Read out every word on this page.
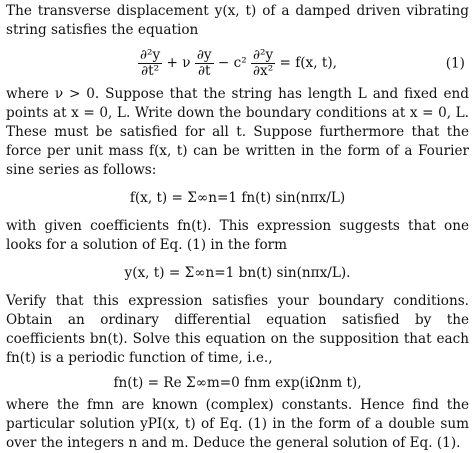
The transverse displacement y(x, t) of a damped driven vibrating string satisfies the equation

$\frac{\text{∂²y}}{\text{∂t²}} + \nu \frac{\partial y}{\partial t} - c^2 \frac{\text{∂²y}}{\text{∂x²}} = f(x$, t),	(1)

where ν > 0. Suppose that the string has length L and fixed end points at x = 0, L. Write down the boundary conditions at x = 0, L. These must be satisfied for all t. Suppose furthermore that the force per unit mass f(x, t) can be written in the form of a Fourier sine series as follows:

f(x, t) = Σ∞n=1 fn(t) sin(nπx/L)

with given coefficients fn(t). This expression suggests that one looks for a solution of Eq. (1) in the form

y(x, t) = Σ∞n=1 bn(t) sin(nπx/L).

Verify that this expression satisfies your boundary conditions. Obtain an ordinary differential equation satisfied by the coefficients bn(t). Solve this equation on the supposition that each fn(t) is a periodic function of time, i.e.,

fn(t) = Re Σ∞m=0 fnm exp(iΩnm t),

where the fmn are known (complex) constants. Hence find the particular solution yPI(x, t) of Eq. (1) in the form of a double sum over the integers n and m. Deduce the general solution of Eq. (1).
